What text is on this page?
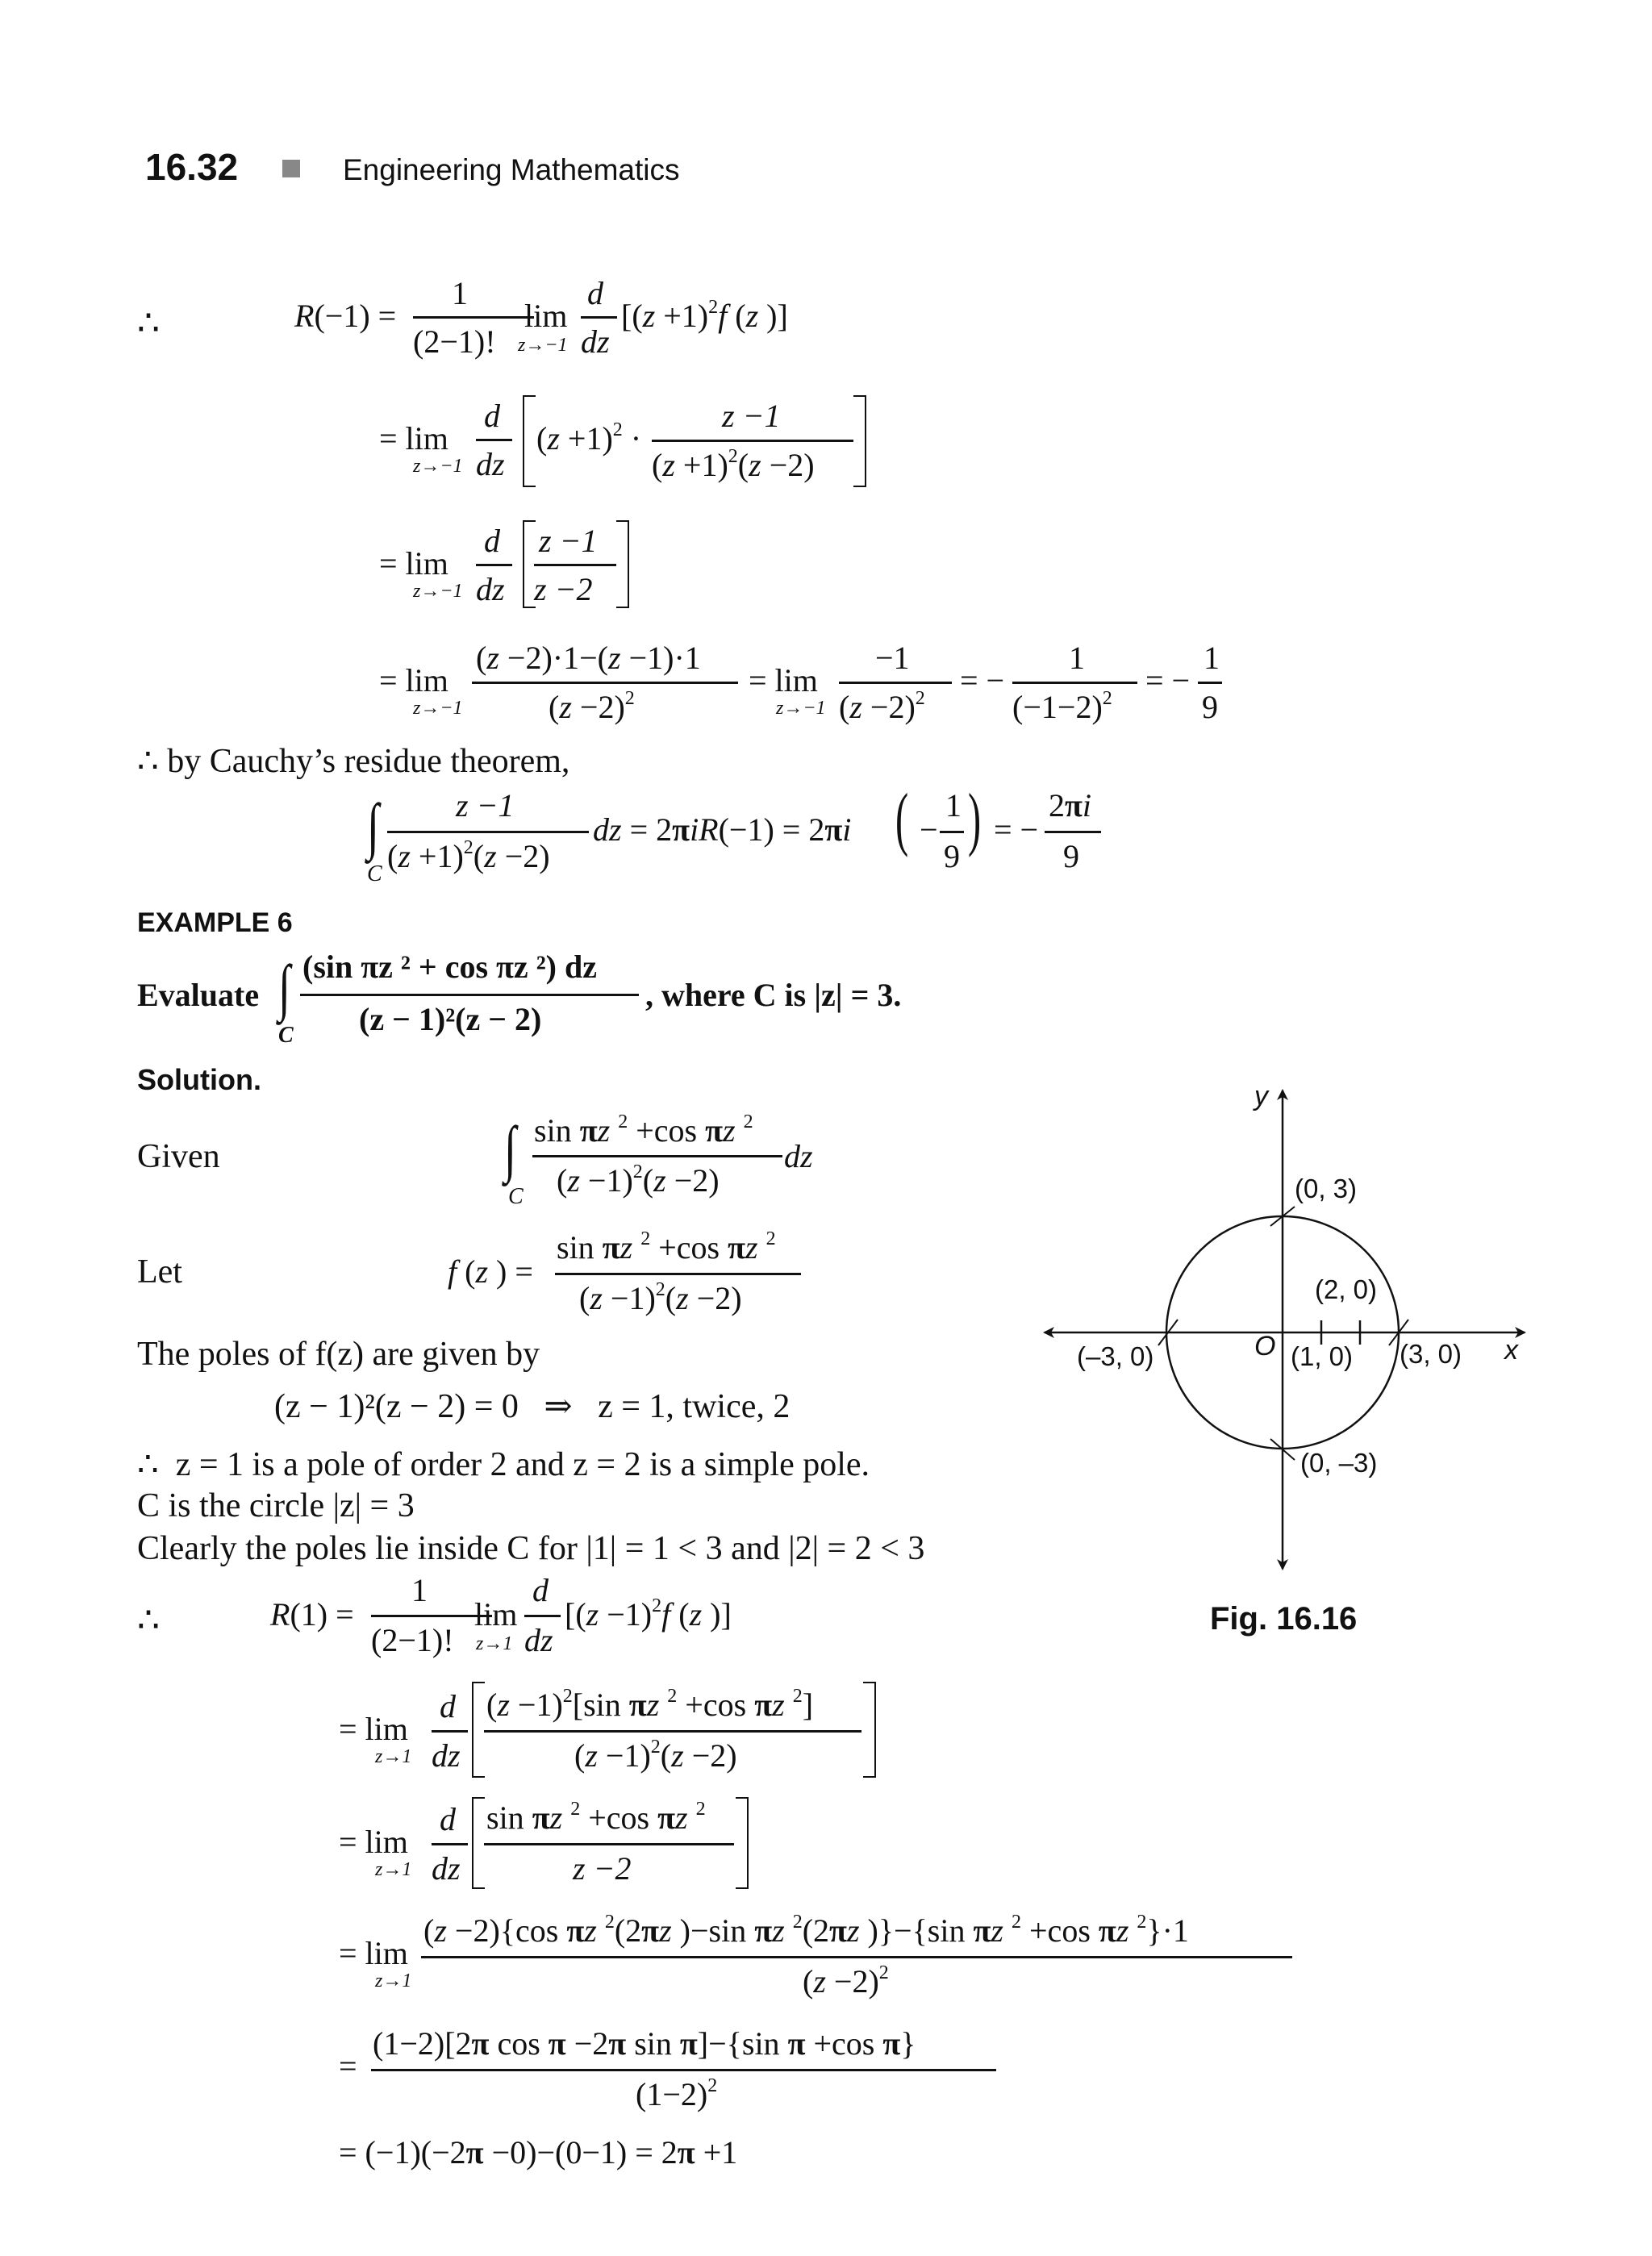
16.32	Engineering Mathematics
∴	R(−1) =
1
(2−1)!
lim
z→−1
d
dz
[$(z +1)^2f$ (z )]
= lim
z→−1
d
dz
$(z +1)^2$ ·
z −1
$(z +1)^2(z -2)$
= lim
z→−1
d
dz
z −1
z −2
= lim
z→−1
(z −2)·1−(z −1)·1
$(z -2)^2$
= lim
z→−1
−1
$(z -2)^2$
= −
1
$(-1-2)^2$
= −
1
9
∴ by Cauchy’s residue theorem,
∫
C
z −1
$(z +1)^2(z -2)$
dz = 2πiR(−1) = 2πi ( −
1
9 ) = −
2πi
9
EXAMPLE 6
Evaluate ∫
C
(sin πz ² + cos πz ²) dz
(z − 1)²(z − 2)
, where C is |z| = 3.
Solution.
Given	∫
C
sin πz $^2$ +cos πz $^2$
$(z -1)^2(z -2)$
dz
Let	f (z ) =
sin πz $^2$ +cos πz $^2$
$(z -1)^2(z -2)$
The poles of f(z) are given by
(z − 1)²(z − 2) = 0   ⇒   z = 1, twice, 2
∴  z = 1 is a pole of order 2 and z = 2 is a simple pole.
C is the circle |z| = 3
Clearly the poles lie inside C for |1| = 1 < 3 and |2| = 2 < 3
∴	R(1) =
1
(2−1)!
lim
z→1
d
dz
[$(z -1)^2f$ (z )]
= lim
z→1
d
dz
$(z -1)^2[\sin$ πz $^2$ +cos πz $^2$]
$(z -1)^2(z -2)$
= lim
z→1
d
dz
sin πz $^2$ +cos πz $^2$
z −2
= lim
z→1
(z −2){cos πz $^2$(2πz )−sin πz $^2$(2πz )}−{sin πz $^2$ +cos πz $^2$}·1
$(z -2)^2$
=
(1−2)[2π cos π −2π sin π]−{sin π +cos π}
$(1-2)^2$
= (−1)(−2π −0)−(0−1) = 2π +1
y
x
O
(0, 3)
(0, –3)
(–3, 0)	(3, 0)
(1, 0)
(2, 0)
Fig. 16.16
